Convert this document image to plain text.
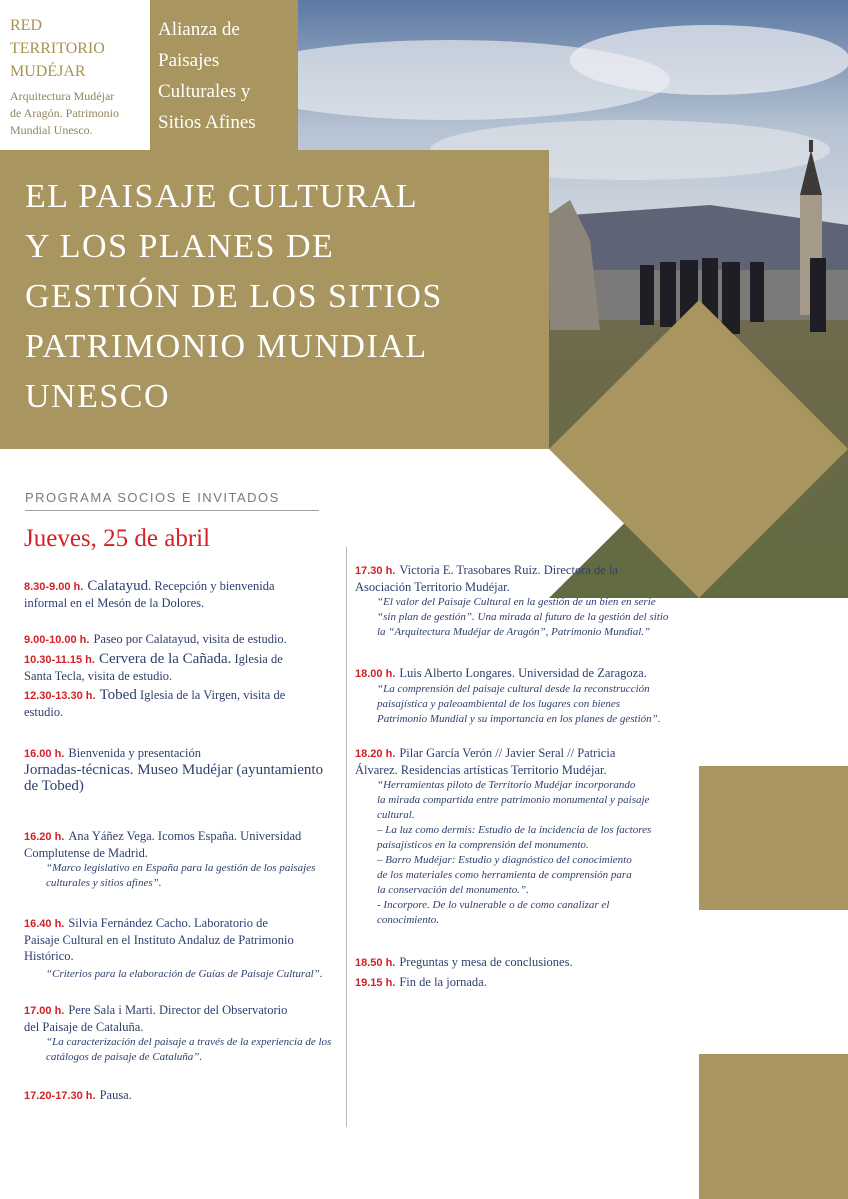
RED
TERRITORIO
MUDÉJAR
Arquitectura Mudéjar
de Aragón. Patrimonio
Mundial Unesco.
Alianza de
Paisajes
Culturales y
Sitios Afines
EL PAISAJE CULTURAL
Y LOS PLANES DE
GESTIÓN DE LOS SITIOS
PATRIMONIO MUNDIAL
UNESCO
PROGRAMA SOCIOS E INVITADOS
Jueves, 25 de abril
8.30-9.00 h. Calatayud. Recepción y bienvenida
informal en el Mesón de la Dolores.
9.00-10.00 h. Paseo por Calatayud, visita de estudio.
10.30-11.15 h. Cervera de la Cañada. Iglesia de
Santa Tecla, visita de estudio.
12.30-13.30 h. Tobed Iglesia de la Virgen, visita de
estudio.
16.00 h. Bienvenida y presentación
Jornadas-técnicas. Museo Mudéjar (ayuntamiento
de Tobed)
16.20 h. Ana Yáñez Vega. Icomos España. Universidad
Complutense de Madrid.
“Marco legislativo en España para la gestión de los paisajes
culturales y sitios afines”.
16.40 h. Silvia Fernández Cacho. Laboratorio de
Paisaje Cultural en el Instituto Andaluz de Patrimonio
Histórico.
“Criterios para la elaboración de Guías de Paisaje Cultural”.
17.00 h. Pere Sala i Marti. Director del Observatorio
del Paisaje de Cataluña.
“La caracterización del paisaje a través de la experiencia de los
catálogos de paisaje de Cataluña”.
17.20-17.30 h. Pausa.
17.30 h. Victoria E. Trasobares Ruiz. Directora de la
Asociación Territorio Mudéjar.
“El valor del Paisaje Cultural en la gestión de un bien en serie
“sin plan de gestión”. Una mirada al futuro de la gestión del sitio
la “Arquitectura Mudéjar de Aragón”, Patrimonio Mundial.”
18.00 h. Luis Alberto Longares. Universidad de Zaragoza.
“La comprensión del paisaje cultural desde la reconstrucción
paisajística y paleoambiental de los lugares con bienes
Patrimonio Mundial y su importancia en los planes de gestión”.
18.20 h. Pilar García Verón // Javier Seral // Patricia
Álvarez. Residencias artísticas Territorio Mudéjar.
“Herramientas piloto de Territorio Mudéjar incorporando
la mirada compartida entre patrimonio monumental y paisaje
cultural.
– La luz como dermis: Estudio de la incidencia de los factores
paisajísticos en la comprensión del monumento.
– Barro Mudéjar: Estudio y diagnóstico del conocimiento
de los materiales como herramienta de comprensión para
la conservación del monumento.”.
- Incorpore. De lo vulnerable o de como canalizar el
conocimiento.
18.50 h. Preguntas y mesa de conclusiones.
19.15 h. Fin de la jornada.
